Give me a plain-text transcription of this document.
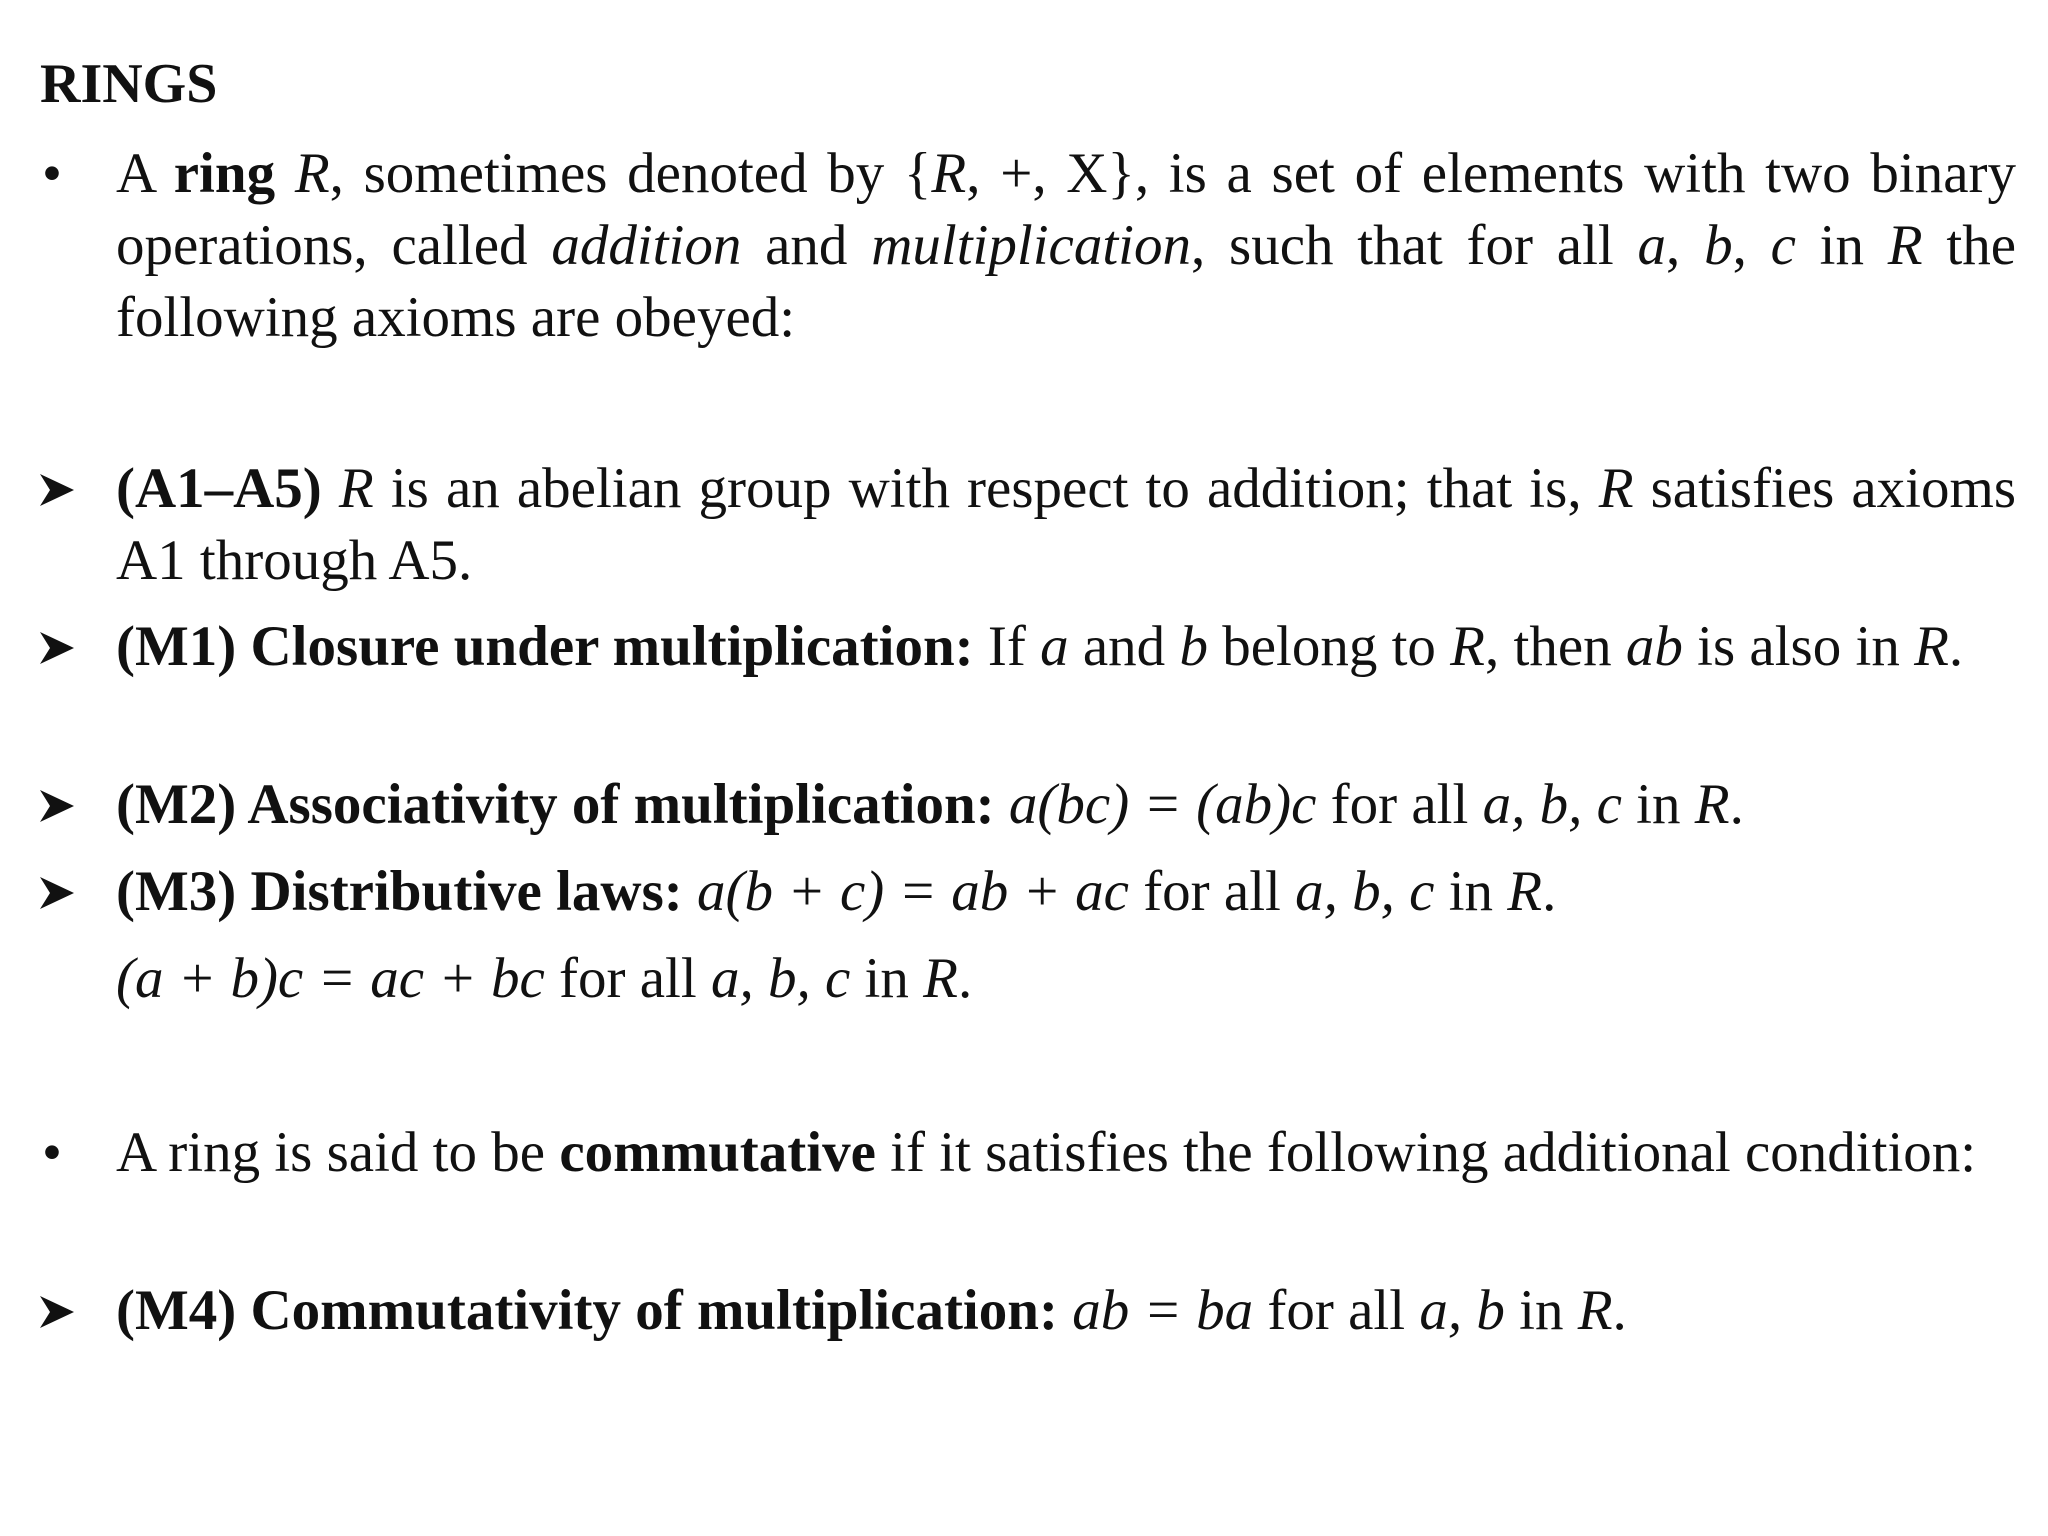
RINGS
• A ring R, sometimes denoted by {R, +, X}, is a set of elements with two binary operations, called addition and multiplication, such that for all a, b, c in R the following axioms are obeyed:
(A1–A5) R is an abelian group with respect to addition; that is, R satisfies axioms A1 through A5.
(M1) Closure under multiplication: If a and b belong to R, then ab is also in R.
(M2) Associativity of multiplication: a(bc) = (ab)c for all a, b, c in R.
(M3) Distributive laws: a(b + c) = ab + ac for all a, b, c in R.
(a + b)c = ac + bc for all a, b, c in R.
• A ring is said to be commutative if it satisfies the following additional condition:
(M4) Commutativity of multiplication: ab = ba for all a, b in R.
